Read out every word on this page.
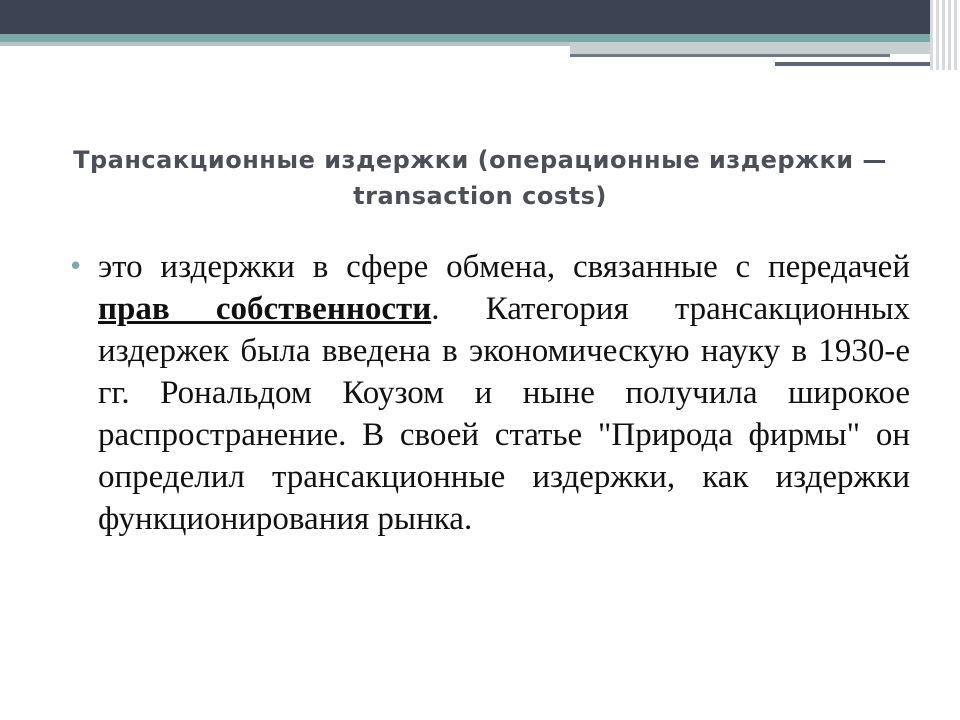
Трансакционные издержки (операционные издержки — transaction costs)
• это издержки в сфере обмена, связанные с передачей прав собственности. Категория трансакционных издержек была введена в экономическую науку в 1930-е гг. Рональдом Коузом и ныне получила широкое распространение. В своей статье "Природа фирмы" он определил трансакционные издержки, как издержки функционирования рынка.
